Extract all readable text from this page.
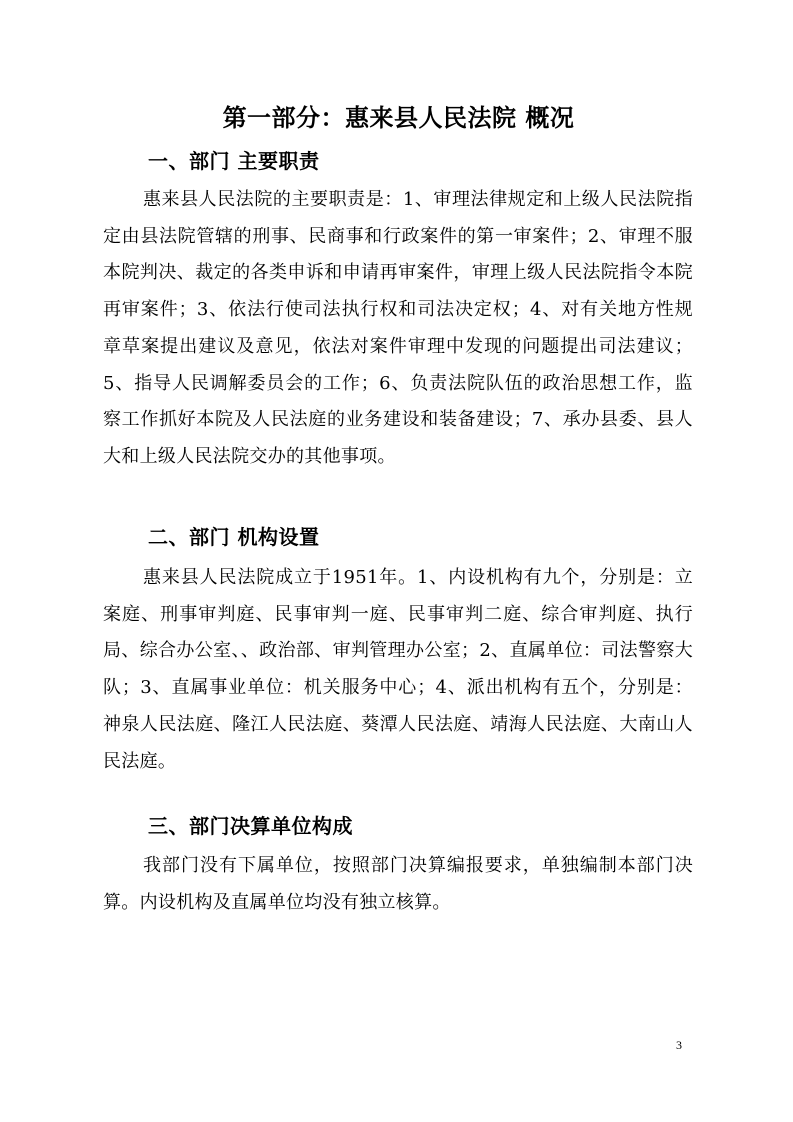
第一部分：惠来县人民法院 概况
一、部门 主要职责

惠来县人民法院的主要职责是：1、审理法律规定和上级人民法院指定由县法院管辖的刑事、民商事和行政案件的第一审案件；2、审理不服本院判决、裁定的各类申诉和申请再审案件，审理上级人民法院指令本院再审案件；3、依法行使司法执行权和司法决定权；4、对有关地方性规章草案提出建议及意见，依法对案件审理中发现的问题提出司法建议；5、指导人民调解委员会的工作；6、负责法院队伍的政治思想工作，监察工作抓好本院及人民法庭的业务建设和装备建设；7、承办县委、县人大和上级人民法院交办的其他事项。

二、部门 机构设置

惠来县人民法院成立于1951年。1、内设机构有九个，分别是：立案庭、刑事审判庭、民事审判一庭、民事审判二庭、综合审判庭、执行局、综合办公室、、政治部、审判管理办公室；2、直属单位：司法警察大队；3、直属事业单位：机关服务中心；4、派出机构有五个，分别是：神泉人民法庭、隆江人民法庭、葵潭人民法庭、靖海人民法庭、大南山人民法庭。

三、部门决算单位构成

我部门没有下属单位，按照部门决算编报要求，单独编制本部门决算。内设机构及直属单位均没有独立核算。

3
